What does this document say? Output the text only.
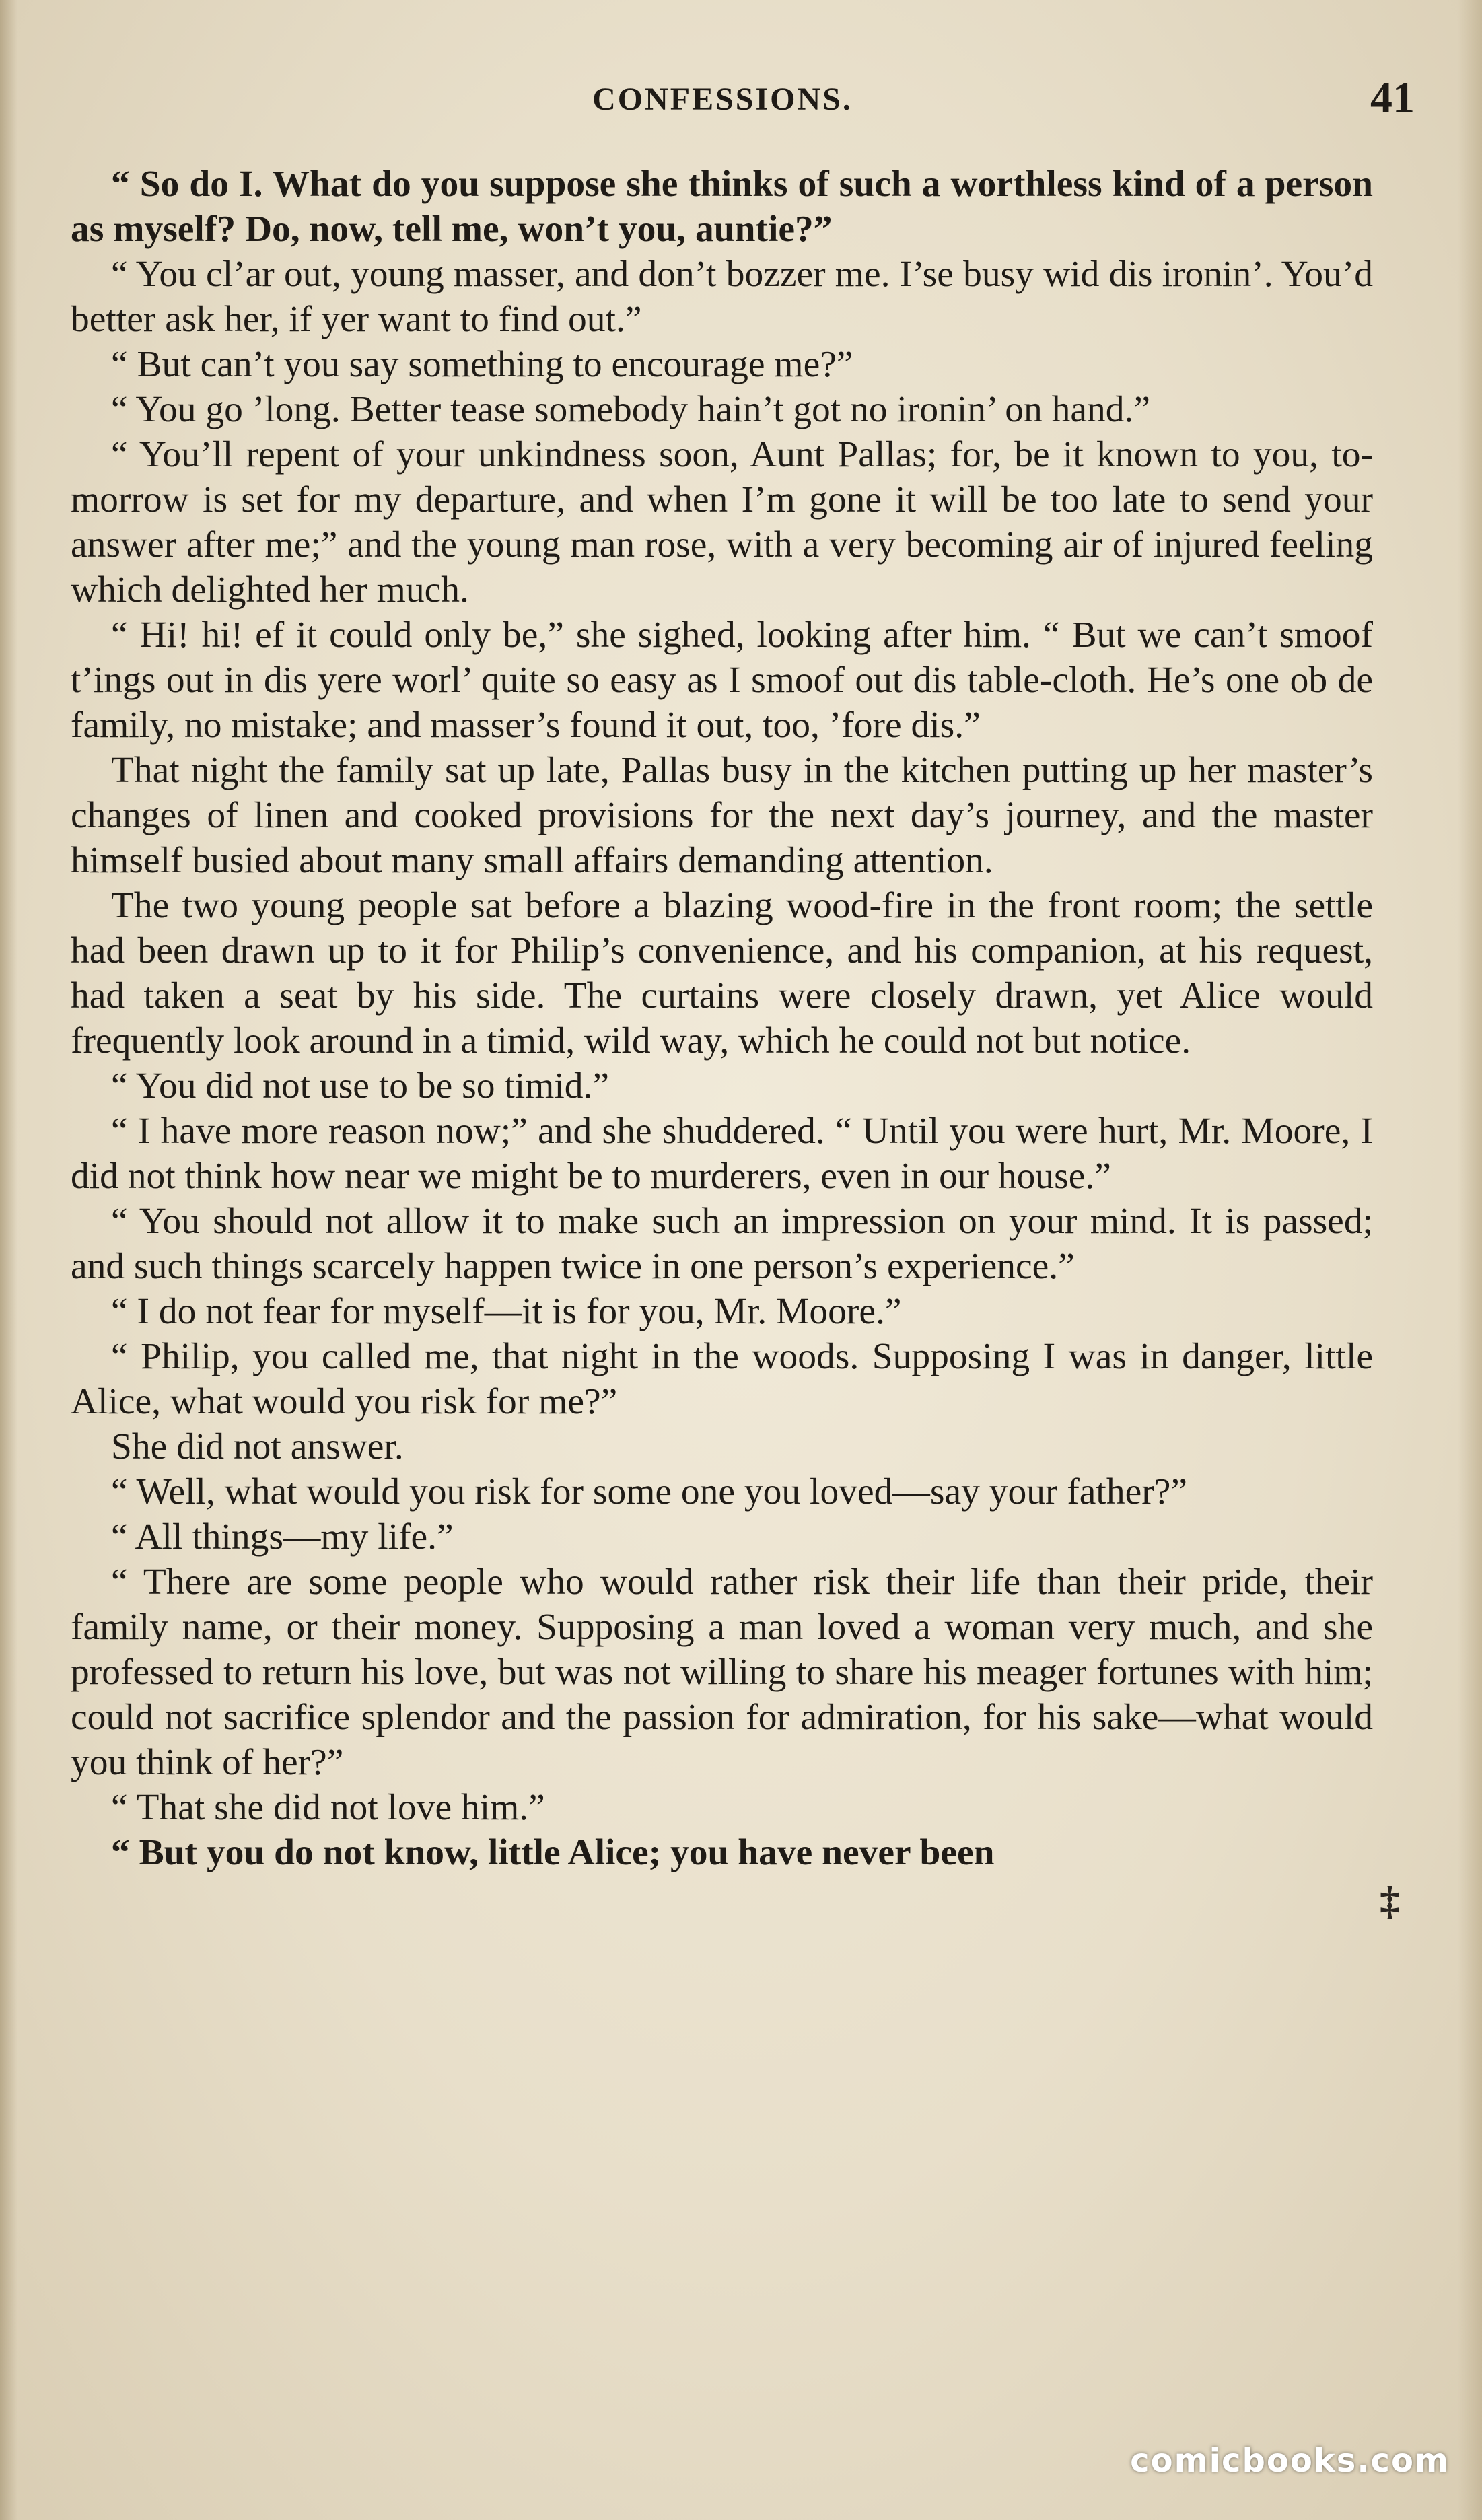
CONFESSIONS.	41

“ So do I. What do you suppose she thinks of such a worthless kind of a person as myself? Do, now, tell me, won’t you, auntie?”

“ You cl’ar out, young masser, and don’t bozzer me. I’se busy wid dis ironin’. You’d better ask her, if yer want to find out.”

“ But can’t you say something to encourage me?”

“ You go ’long. Better tease somebody hain’t got no ironin’ on hand.”

“ You’ll repent of your unkindness soon, Aunt Pallas; for, be it known to you, to-morrow is set for my departure, and when I’m gone it will be too late to send your answer after me;” and the young man rose, with a very becoming air of injured feeling which delighted her much.

“ Hi! hi! ef it could only be,” she sighed, looking after him. “ But we can’t smoof t’ings out in dis yere worl’ quite so easy as I smoof out dis table-cloth. He’s one ob de family, no mistake; and masser’s found it out, too, ’fore dis.”

That night the family sat up late, Pallas busy in the kitchen putting up her master’s changes of linen and cooked provisions for the next day’s journey, and the master himself busied about many small affairs demanding attention.

The two young people sat before a blazing wood-fire in the front room; the settle had been drawn up to it for Philip’s convenience, and his companion, at his request, had taken a seat by his side. The curtains were closely drawn, yet Alice would frequently look around in a timid, wild way, which he could not but notice.

“ You did not use to be so timid.”

“ I have more reason now;” and she shuddered. “ Until you were hurt, Mr. Moore, I did not think how near we might be to murderers, even in our house.”

“ You should not allow it to make such an impression on your mind. It is passed; and such things scarcely happen twice in one person’s experience.”

“ I do not fear for myself—it is for you, Mr. Moore.”

“ Philip, you called me, that night in the woods. Supposing I was in danger, little Alice, what would you risk for me?”

She did not answer.

“ Well, what would you risk for some one you loved—say your father?”

“ All things—my life.”

“ There are some people who would rather risk their life than their pride, their family name, or their money. Supposing a man loved a woman very much, and she professed to return his love, but was not willing to share his meager fortunes with him; could not sacrifice splendor and the passion for admiration, for his sake—what would you think of her?”

“ That she did not love him.”

“ But you do not know, little Alice; you have never been

‡
comicbooks.com
